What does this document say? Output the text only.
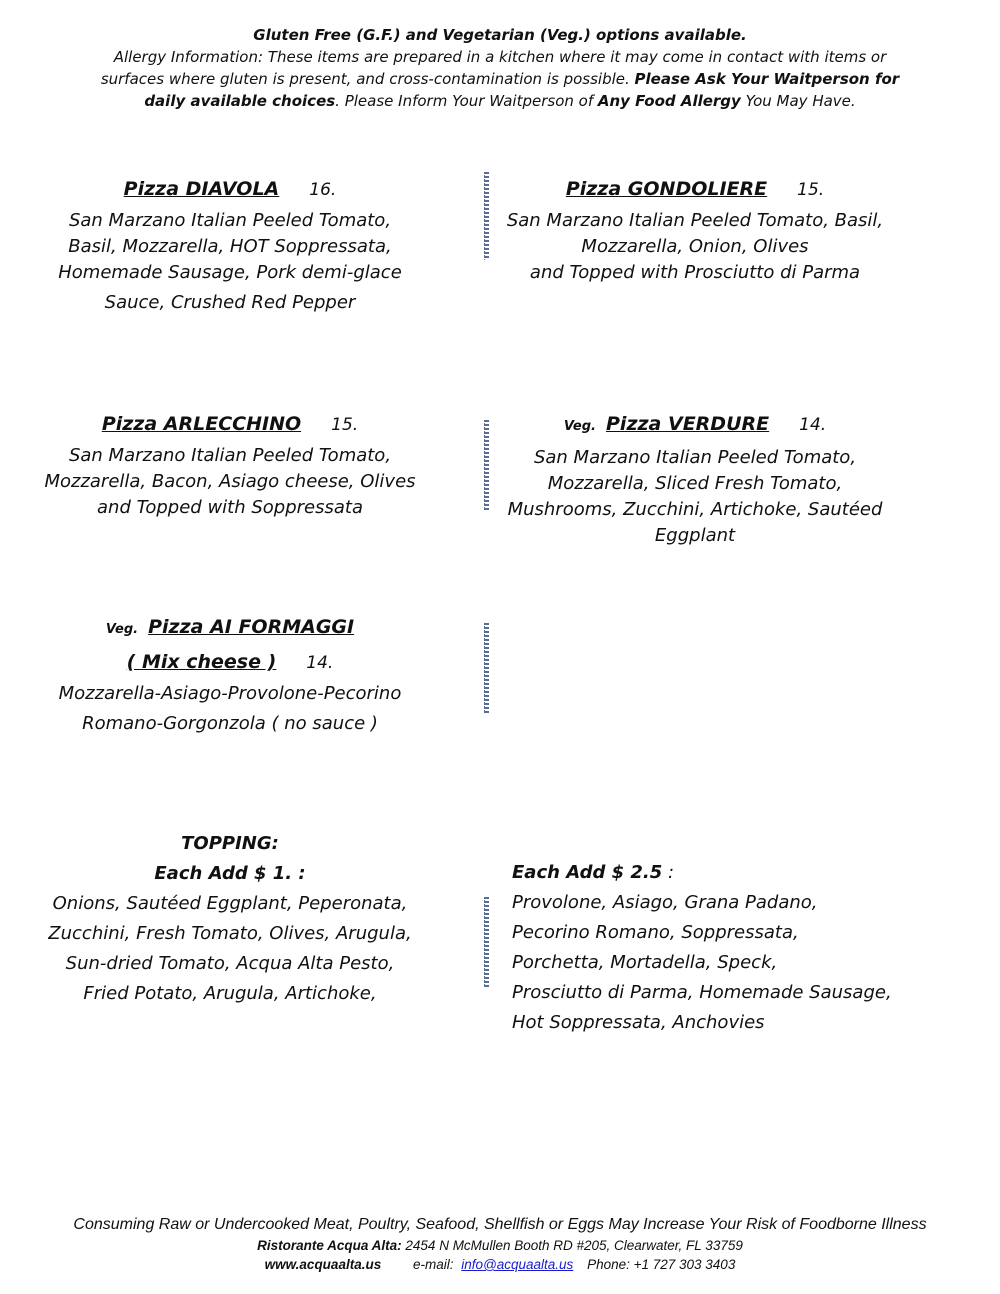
Gluten Free (G.F.) and Vegetarian (Veg.) options available.
Allergy Information: These items are prepared in a kitchen where it may come in contact with items or surfaces where gluten is present, and cross-contamination is possible. Please Ask Your Waitperson for daily available choices. Please Inform Your Waitperson of Any Food Allergy You May Have.
Pizza DIAVOLA 16.
San Marzano Italian Peeled Tomato,
Basil, Mozzarella, HOT Soppressata,
Homemade Sausage, Pork demi-glace
Sauce, Crushed Red Pepper
Pizza GONDOLIERE 15.
San Marzano Italian Peeled Tomato, Basil,
Mozzarella, Onion, Olives
and Topped with Prosciutto di Parma
Pizza ARLECCHINO 15.
San Marzano Italian Peeled Tomato,
Mozzarella, Bacon, Asiago cheese, Olives
and Topped with Soppressata
Veg. Pizza VERDURE 14.
San Marzano Italian Peeled Tomato,
Mozzarella, Sliced Fresh Tomato,
Mushrooms, Zucchini, Artichoke, Sautéed
Eggplant
Veg. Pizza AI FORMAGGI
( Mix cheese ) 14.
Mozzarella-Asiago-Provolone-Pecorino
Romano-Gorgonzola ( no sauce )
TOPPING:
Each Add $ 1. :
Onions, Sautéed Eggplant, Peperonata,
Zucchini, Fresh Tomato, Olives, Arugula,
Sun-dried Tomato, Acqua Alta Pesto,
Fried Potato, Arugula, Artichoke,
Each Add $ 2.5 :
Provolone, Asiago, Grana Padano,
Pecorino Romano, Soppressata,
Porchetta, Mortadella, Speck,
Prosciutto di Parma, Homemade Sausage,
Hot Soppressata, Anchovies
Consuming Raw or Undercooked Meat, Poultry, Seafood, Shellfish or Eggs May Increase Your Risk of Foodborne Illness
Ristorante Acqua Alta: 2454 N McMullen Booth RD #205, Clearwater, FL 33759
www.acquaalta.us e-mail: info@acquaalta.us Phone: +1 727 303 3403
